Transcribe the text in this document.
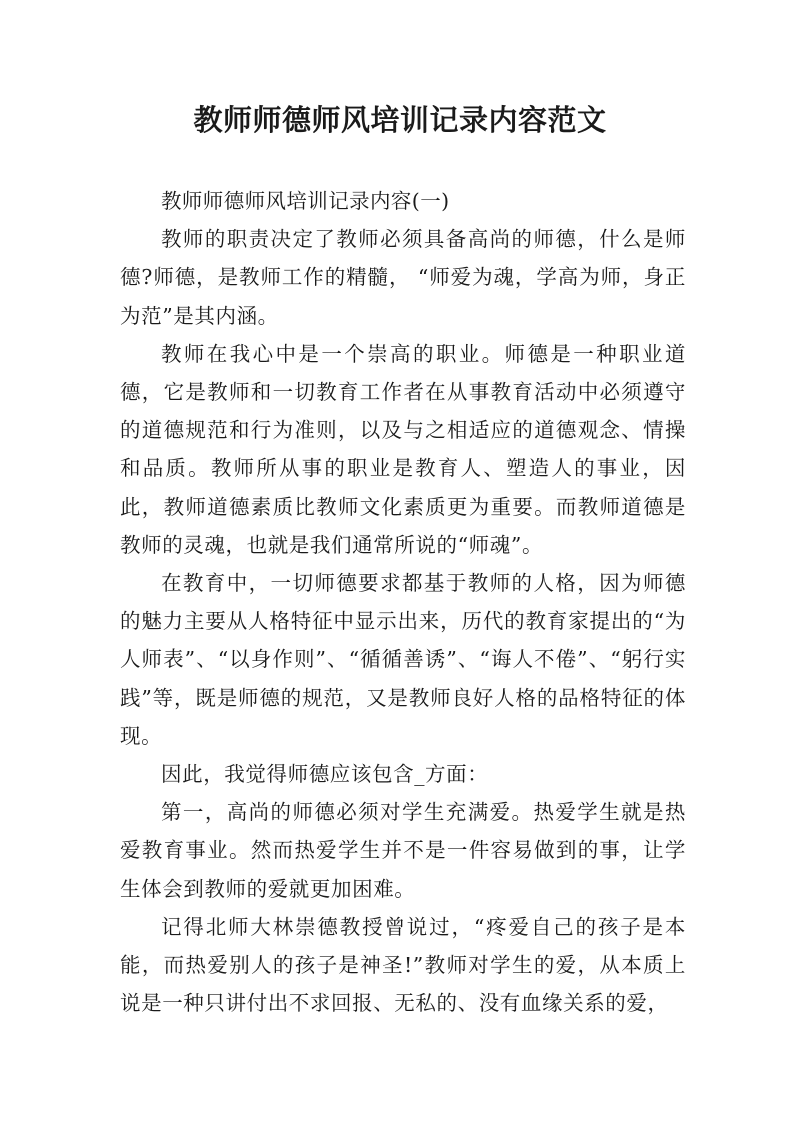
教师师德师风培训记录内容范文

教师师德师风培训记录内容(一)

教师的职责决定了教师必须具备高尚的师德，什么是师德?师德，是教师工作的精髓， “师爱为魂，学高为师，身正为范”是其内涵。

教师在我心中是一个崇高的职业。师德是一种职业道德，它是教师和一切教育工作者在从事教育活动中必须遵守的道德规范和行为准则，以及与之相适应的道德观念、情操和品质。教师所从事的职业是教育人、塑造人的事业，因此，教师道德素质比教师文化素质更为重要。而教师道德是教师的灵魂，也就是我们通常所说的“师魂”。

在教育中，一切师德要求都基于教师的人格，因为师德的魅力主要从人格特征中显示出来，历代的教育家提出的“为人师表”、“以身作则”、“循循善诱”、“诲人不倦”、“躬行实践”等，既是师德的规范，又是教师良好人格的品格特征的体现。

因此，我觉得师德应该包含_方面：

第一，高尚的师德必须对学生充满爱。热爱学生就是热爱教育事业。然而热爱学生并不是一件容易做到的事，让学生体会到教师的爱就更加困难。

记得北师大林崇德教授曾说过，“疼爱自己的孩子是本能，而热爱别人的孩子是神圣!”教师对学生的爱，从本质上说是一种只讲付出不求回报、无私的、没有血缘关系的爱，
